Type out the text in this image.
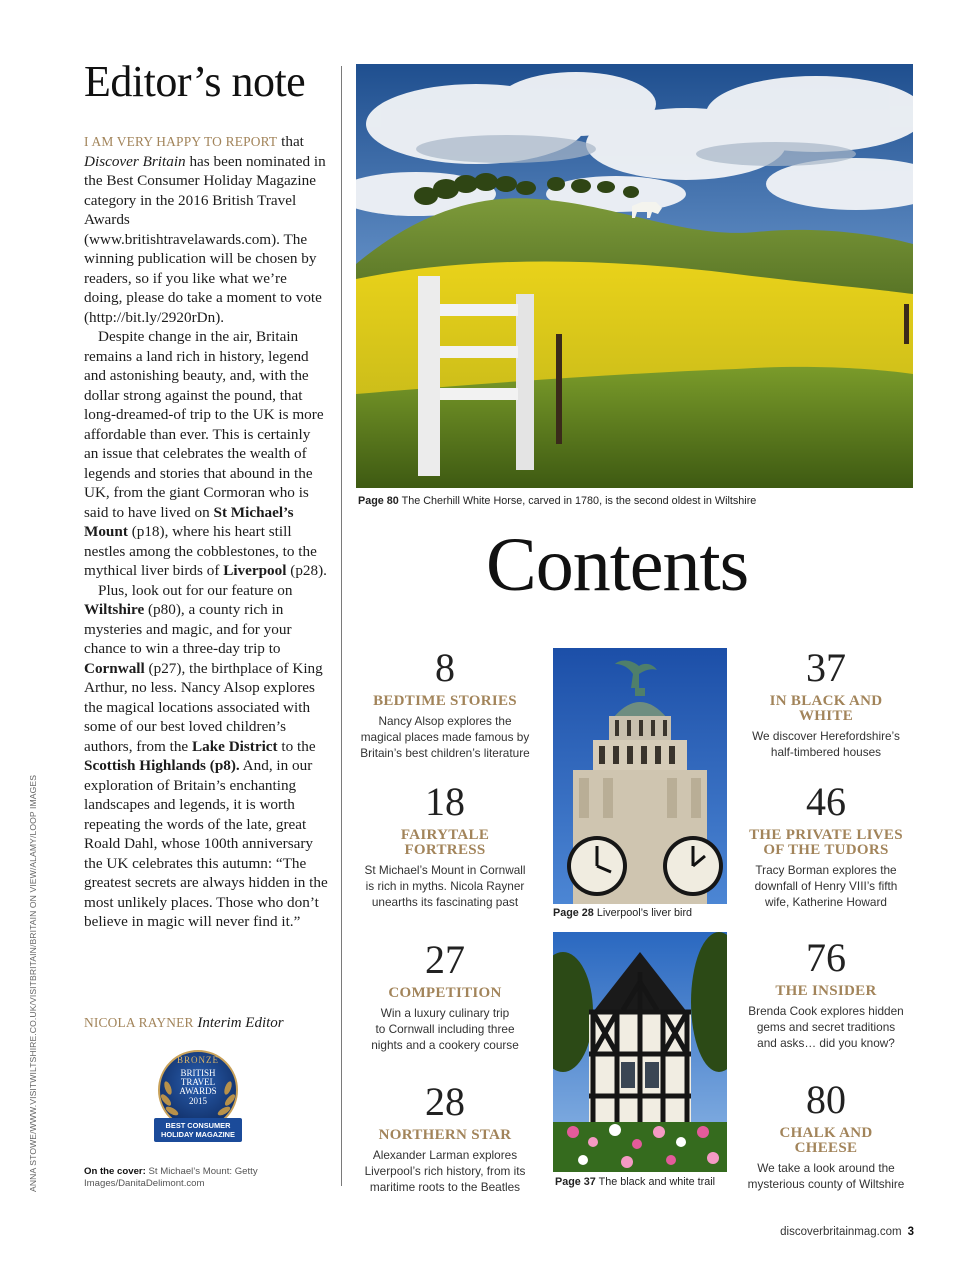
Editor’s note

I AM VERY HAPPY TO REPORT that Discover Britain has been nominated in the Best Consumer Holiday Magazine category in the 2016 British Travel Awards (www.britishtravelawards.com). The winning publication will be chosen by readers, so if you like what we’re doing, please do take a moment to vote (http://bit.ly/2920rDn).

Despite change in the air, Britain remains a land rich in history, legend and astonishing beauty, and, with the dollar strong against the pound, that long-dreamed-of trip to the UK is more affordable than ever. This is certainly an issue that celebrates the wealth of legends and stories that abound in the UK, from the giant Cormoran who is said to have lived on St Michael’s Mount (p18), where his heart still nestles among the cobblestones, to the mythical liver birds of Liverpool (p28).

Plus, look out for our feature on Wiltshire (p80), a county rich in mysteries and magic, and for your chance to win a three-day trip to Cornwall (p27), the birthplace of King Arthur, no less. Nancy Alsop explores the magical locations associated with some of our best loved children’s authors, from the Lake District to the Scottish Highlands (p8). And, in our exploration of Britain’s enchanting landscapes and legends, it is worth repeating the words of the late, great Roald Dahl, whose 100th anniversary the UK celebrates this autumn: “The greatest secrets are always hidden in the most unlikely places. Those who don’t believe in magic will never find it.”

NICOLA RAYNER Interim Editor
BRONZE
BRITISH
TRAVEL
AWARDS
2015
BEST CONSUMER
HOLIDAY MAGAZINE
On the cover: St Michael’s Mount: Getty Images/DanitaDelimont.com
ANNA STOWE/WWW.VISITWILTSHIRE.CO.UK/VISITBRITAIN/BRITAIN ON VIEW/ALAMY/LOOP IMAGES
Page 80 The Cherhill White Horse, carved in 1780, is the second oldest in Wiltshire
Contents
8
BEDTIME STORIES
Nancy Alsop explores the
magical places made famous by
Britain’s best children’s literature
18
FAIRYTALE
FORTRESS
St Michael’s Mount in Cornwall
is rich in myths. Nicola Rayner
unearths its fascinating past
27
COMPETITION
Win a luxury culinary trip
to Cornwall including three
nights and a cookery course
28
NORTHERN STAR
Alexander Larman explores
Liverpool’s rich history, from its
maritime roots to the Beatles
Page 28 Liverpool’s liver bird
Page 37 The black and white trail
37
IN BLACK AND
WHITE
We discover Herefordshire’s
half-timbered houses
46
THE PRIVATE LIVES
OF THE TUDORS
Tracy Borman explores the
downfall of Henry VIII’s fifth
wife, Katherine Howard
76
THE INSIDER
Brenda Cook explores hidden
gems and secret traditions
and asks… did you know?
80
CHALK AND
CHEESE
We take a look around the
mysterious county of Wiltshire
discoverbritainmag.com 3
